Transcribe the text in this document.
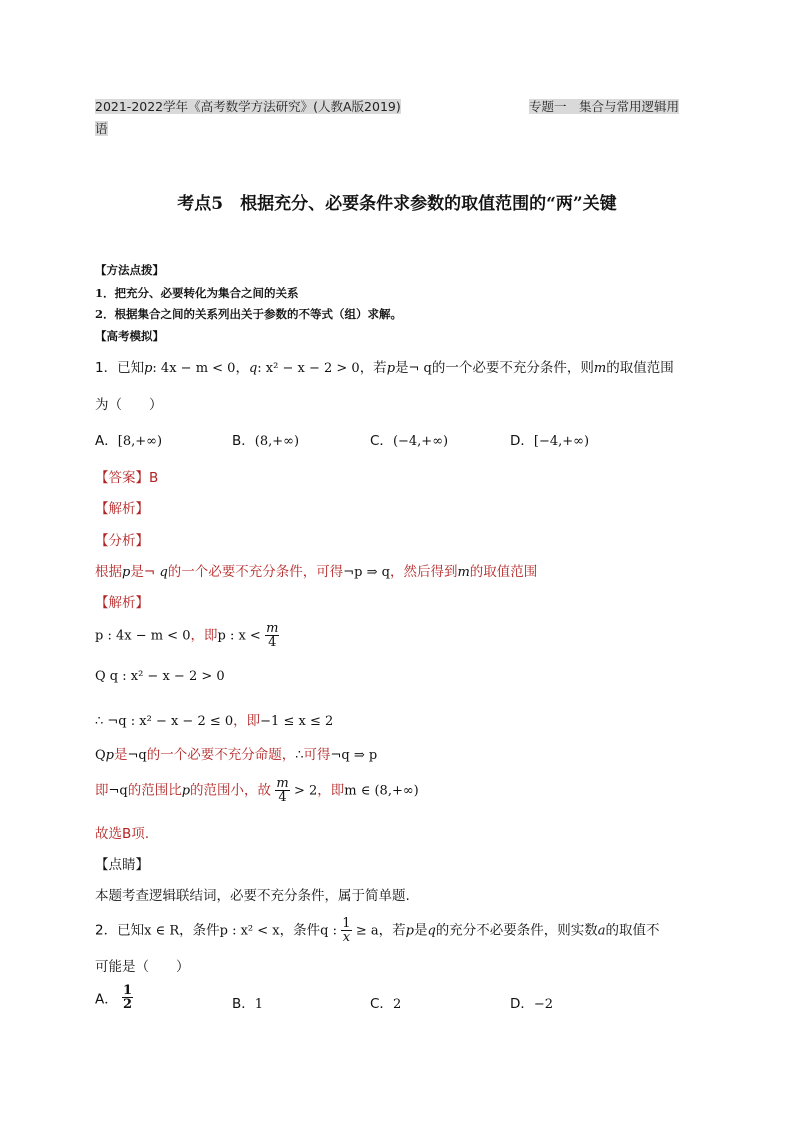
2021-2022学年《高考数学方法研究》(人教A版2019)	专题一　集合与常用逻辑用
语
考点5　根据充分、必要条件求参数的取值范围的“两”关键
【方法点拨】
1．把充分、必要转化为集合之间的关系
2．根据集合之间的关系列出关于参数的不等式（组）求解。
【高考模拟】
1．已知p: 4x − m < 0，q: x² − x − 2 > 0，若p是¬ q的一个必要不充分条件，则m的取值范围
为（　　）
A．[8,+∞)	B．(8,+∞)	C．(−4,+∞)	D．[−4,+∞)
【答案】B
【解析】
【分析】
根据p是¬ q的一个必要不充分条件，可得¬p ⇒ q，然后得到m的取值范围
【解析】
p : 4x − m < 0，即p : $x < \frac{m}{4}$
Q q : x² − x − 2 > 0
∴ ¬q : x² − x − 2 ≤ 0，即−1 ≤ x ≤ 2
Qp是¬q的一个必要不充分命题，∴可得¬q ⇒ p
即¬q的范围比p的范围小，故 $\frac{m}{4} > 2$，即m ∈ (8,+∞)
故选B项.
【点睛】
本题考查逻辑联结词，必要不充分条件，属于简单题.
2．已知x ∈ R，条件p : x² < x，条件q : $\frac{1}{x} \ge a$，若p是q的充分不必要条件，则实数a的取值不
可能是（　　）
A． $\frac{1}{2}$	B．1	C．2	D．−2
